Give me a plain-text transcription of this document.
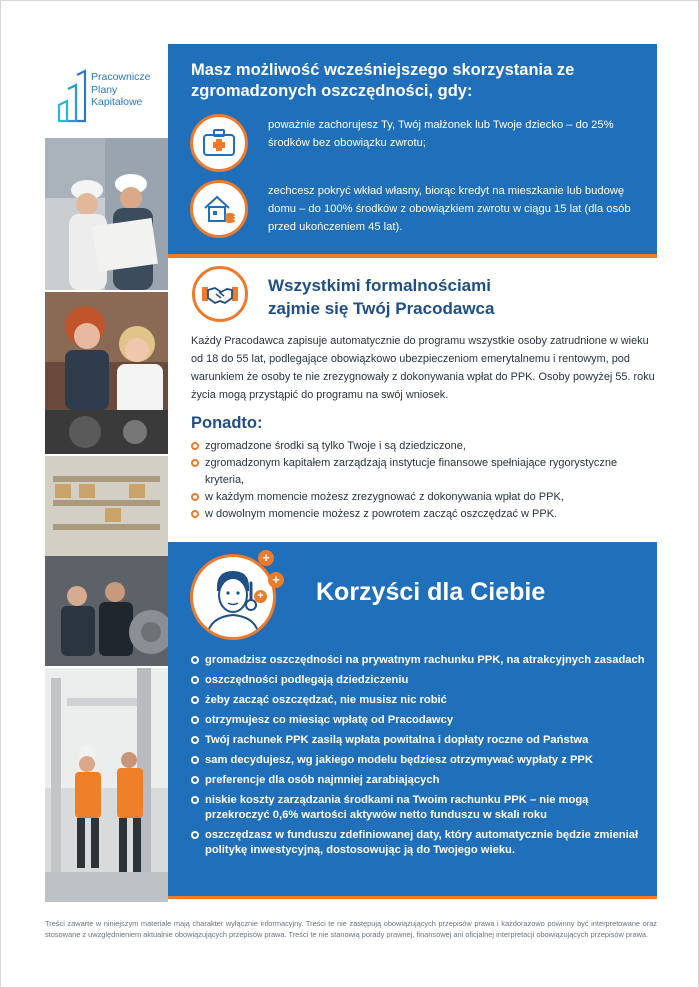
Pracownicze
Plany
Kapitałowe
Masz możliwość wcześniejszego skorzystania ze zgromadzonych oszczędności, gdy:
poważnie zachorujesz Ty, Twój małżonek lub Twoje dziecko – do 25% środków bez obowiązku zwrotu;
zechcesz pokryć wkład własny, biorąc kredyt na mieszkanie lub budowę domu – do 100% środków z obowiązkiem zwrotu w ciągu 15 lat (dla osób przed ukończeniem 45 lat).
Wszystkimi formalnościami
zajmie się Twój Pracodawca
Każdy Pracodawca zapisuje automatycznie do programu wszystkie osoby zatrudnione w wieku od 18 do 55 lat, podlegające obowiązkowo ubezpieczeniom emerytalnemu i rentowym, pod warunkiem że osoby te nie zrezygnowały z dokonywania wpłat do PPK. Osoby powyżej 55. roku życia mogą przystąpić do programu na swój wniosek.
Ponadto:
zgromadzone środki są tylko Twoje i są dziedziczone,
zgromadzonym kapitałem zarządzają instytucje finansowe spełniające rygorystyczne kryteria,
w każdym momencie możesz zrezygnować z dokonywania wpłat do PPK,
w dowolnym momencie możesz z powrotem zacząć oszczędzać w PPK.
+
+
+ Korzyści dla Ciebie
gromadzisz oszczędności na prywatnym rachunku PPK, na atrakcyjnych zasadach
oszczędności podlegają dziedziczeniu
żeby zacząć oszczędzać, nie musisz nic robić
otrzymujesz co miesiąc wpłatę od Pracodawcy
Twój rachunek PPK zasilą wpłata powitalna i dopłaty roczne od Państwa
sam decydujesz, wg jakiego modelu będziesz otrzymywać wypłaty z PPK
preferencje dla osób najmniej zarabiających
niskie koszty zarządzania środkami na Twoim rachunku PPK – nie mogą przekroczyć 0,6% wartości aktywów netto funduszu w skali roku
oszczędzasz w funduszu zdefiniowanej daty, który automatycznie będzie zmieniał politykę inwestycyjną, dostosowując ją do Twojego wieku.
Treści zawarte w niniejszym materiale mają charakter wyłącznie informacyjny. Treści te nie zastępują obowiązujących przepisów prawa i każdorazowo powinny być interpretowane oraz stosowane z uwzględnieniem aktualnie obowiązujących przepisów prawa. Treści te nie stanowią porady prawnej, finansowej ani oficjalnej interpretacji obowiązujących przepisów prawa.
